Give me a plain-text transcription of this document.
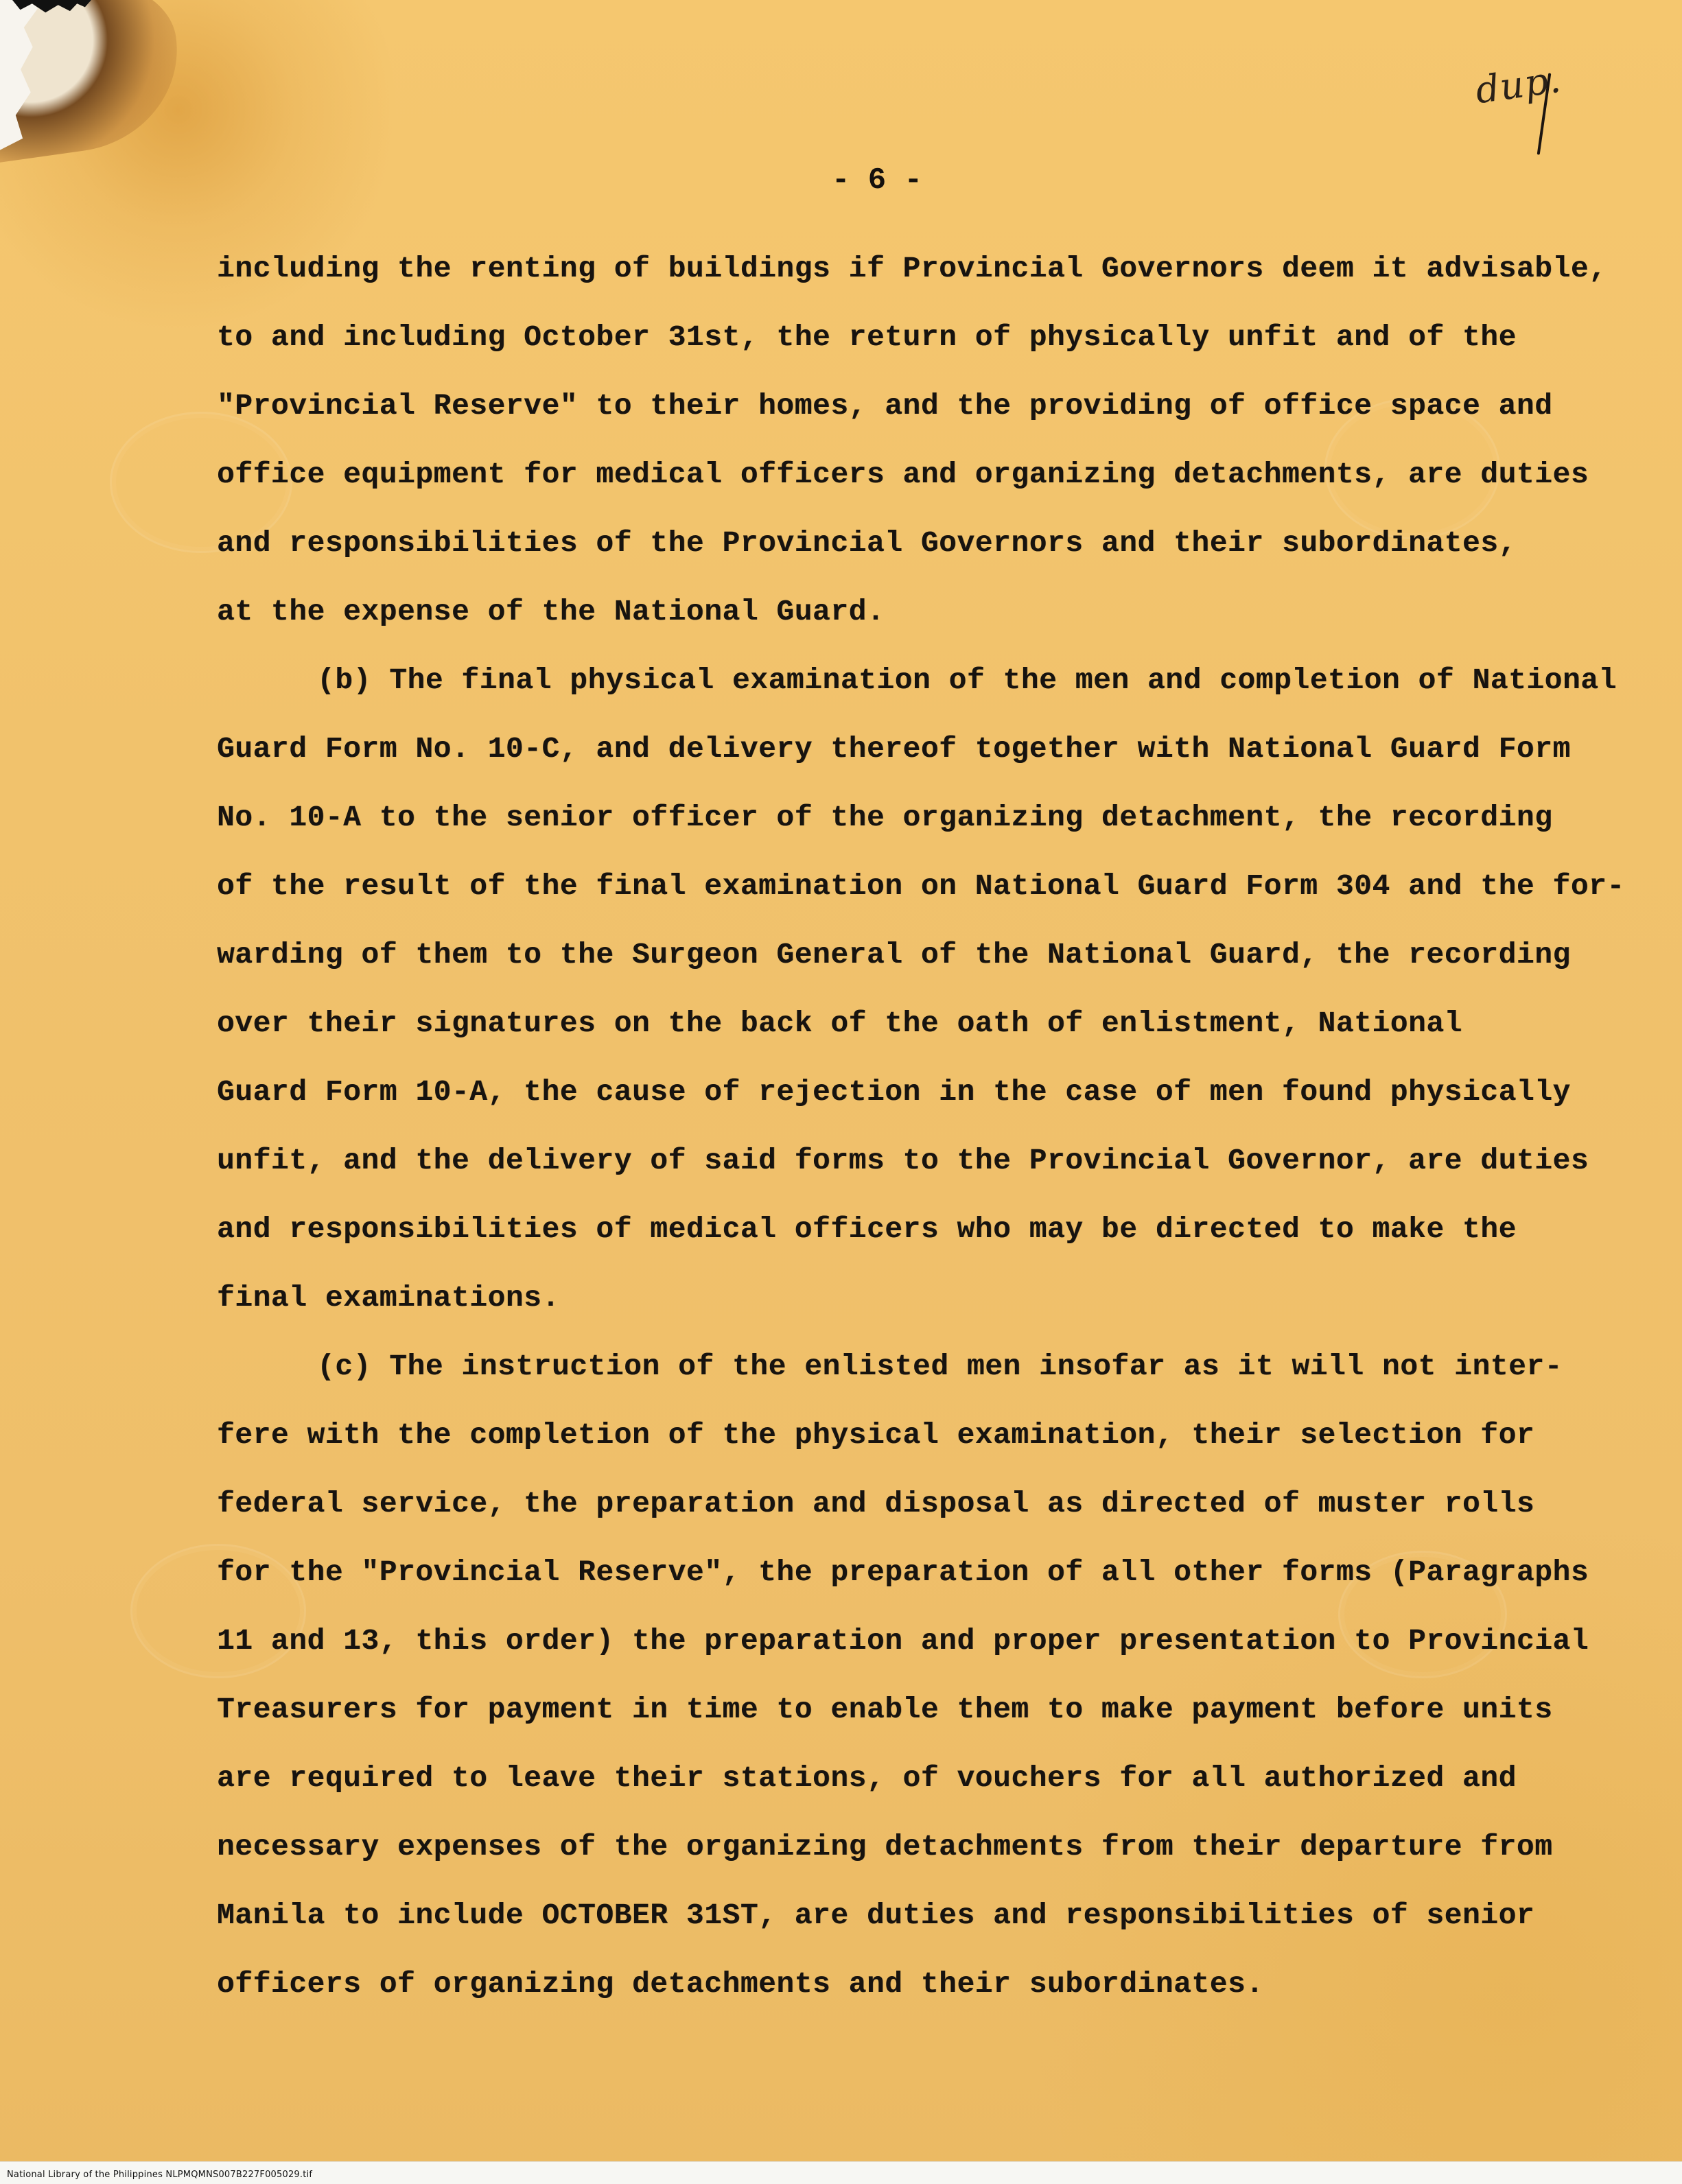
dup.
- 6 -
including the renting of buildings if Provincial Governors deem it advisable,
to and including October 31st, the return of physically unfit and of the
"Provincial Reserve" to their homes, and the providing of office space and
office equipment for medical officers and organizing detachments, are duties
and responsibilities of the Provincial Governors and their subordinates,
at the expense of the National Guard.
(b) The final physical examination of the men and completion of National
Guard Form No. 10-C, and delivery thereof together with National Guard Form
No. 10-A to the senior officer of the organizing detachment, the recording
of the result of the final examination on National Guard Form 304 and the for-
warding of them to the Surgeon General of the National Guard, the recording
over their signatures on the back of the oath of enlistment, National
Guard Form 10-A, the cause of rejection in the case of men found physically
unfit, and the delivery of said forms to the Provincial Governor, are duties
and responsibilities of medical officers who may be directed to make the
final examinations.
(c) The instruction of the enlisted men insofar as it will not inter-
fere with the completion of the physical examination, their selection for
federal service, the preparation and disposal as directed of muster rolls
for the "Provincial Reserve", the preparation of all other forms (Paragraphs
11 and 13, this order) the preparation and proper presentation to Provincial
Treasurers for payment in time to enable them to make payment before units
are required to leave their stations, of vouchers for all authorized and
necessary expenses of the organizing detachments from their departure from
Manila to include OCTOBER 31ST, are duties and responsibilities of senior
officers of organizing detachments and their subordinates.
National Library of the Philippines NLPMQMNS007B227F005029.tif
